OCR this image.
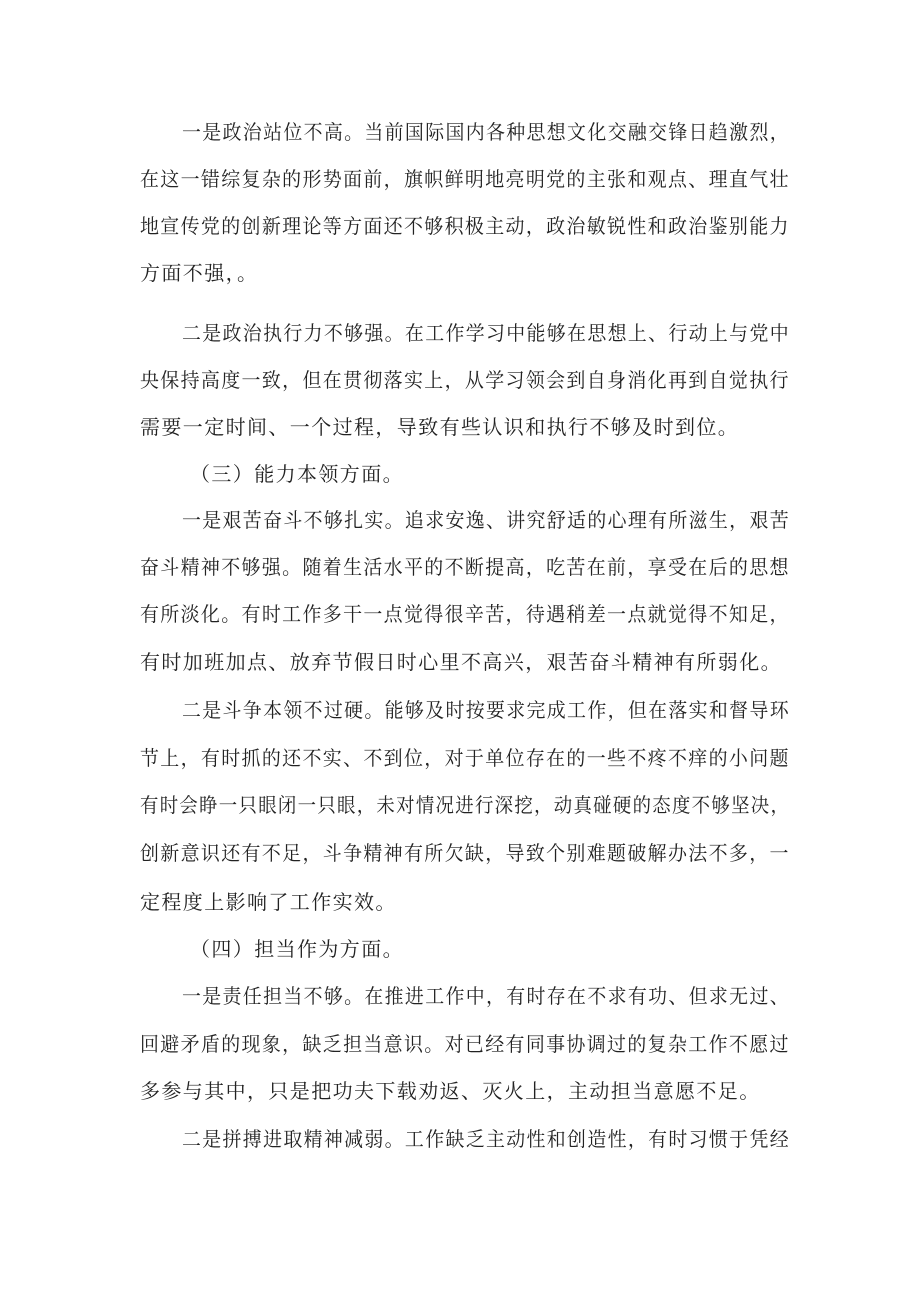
一是政治站位不高。当前国际国内各种思想文化交融交锋日趋激烈，
在这一错综复杂的形势面前，旗帜鲜明地亮明党的主张和观点、理直气壮
地宣传党的创新理论等方面还不够积极主动，政治敏锐性和政治鉴别能力
方面不强，。
二是政治执行力不够强。在工作学习中能够在思想上、行动上与党中
央保持高度一致，但在贯彻落实上，从学习领会到自身消化再到自觉执行
需要一定时间、一个过程，导致有些认识和执行不够及时到位。
（三）能力本领方面。
一是艰苦奋斗不够扎实。追求安逸、讲究舒适的心理有所滋生，艰苦
奋斗精神不够强。随着生活水平的不断提高，吃苦在前，享受在后的思想
有所淡化。有时工作多干一点觉得很辛苦，待遇稍差一点就觉得不知足，
有时加班加点、放弃节假日时心里不高兴，艰苦奋斗精神有所弱化。
二是斗争本领不过硬。能够及时按要求完成工作，但在落实和督导环
节上，有时抓的还不实、不到位，对于单位存在的一些不疼不痒的小问题
有时会睁一只眼闭一只眼，未对情况进行深挖，动真碰硬的态度不够坚决，
创新意识还有不足，斗争精神有所欠缺，导致个别难题破解办法不多，一
定程度上影响了工作实效。
（四）担当作为方面。
一是责任担当不够。在推进工作中，有时存在不求有功、但求无过、
回避矛盾的现象，缺乏担当意识。对已经有同事协调过的复杂工作不愿过
多参与其中，只是把功夫下载劝返、灭火上，主动担当意愿不足。
二是拼搏进取精神减弱。工作缺乏主动性和创造性，有时习惯于凭经
